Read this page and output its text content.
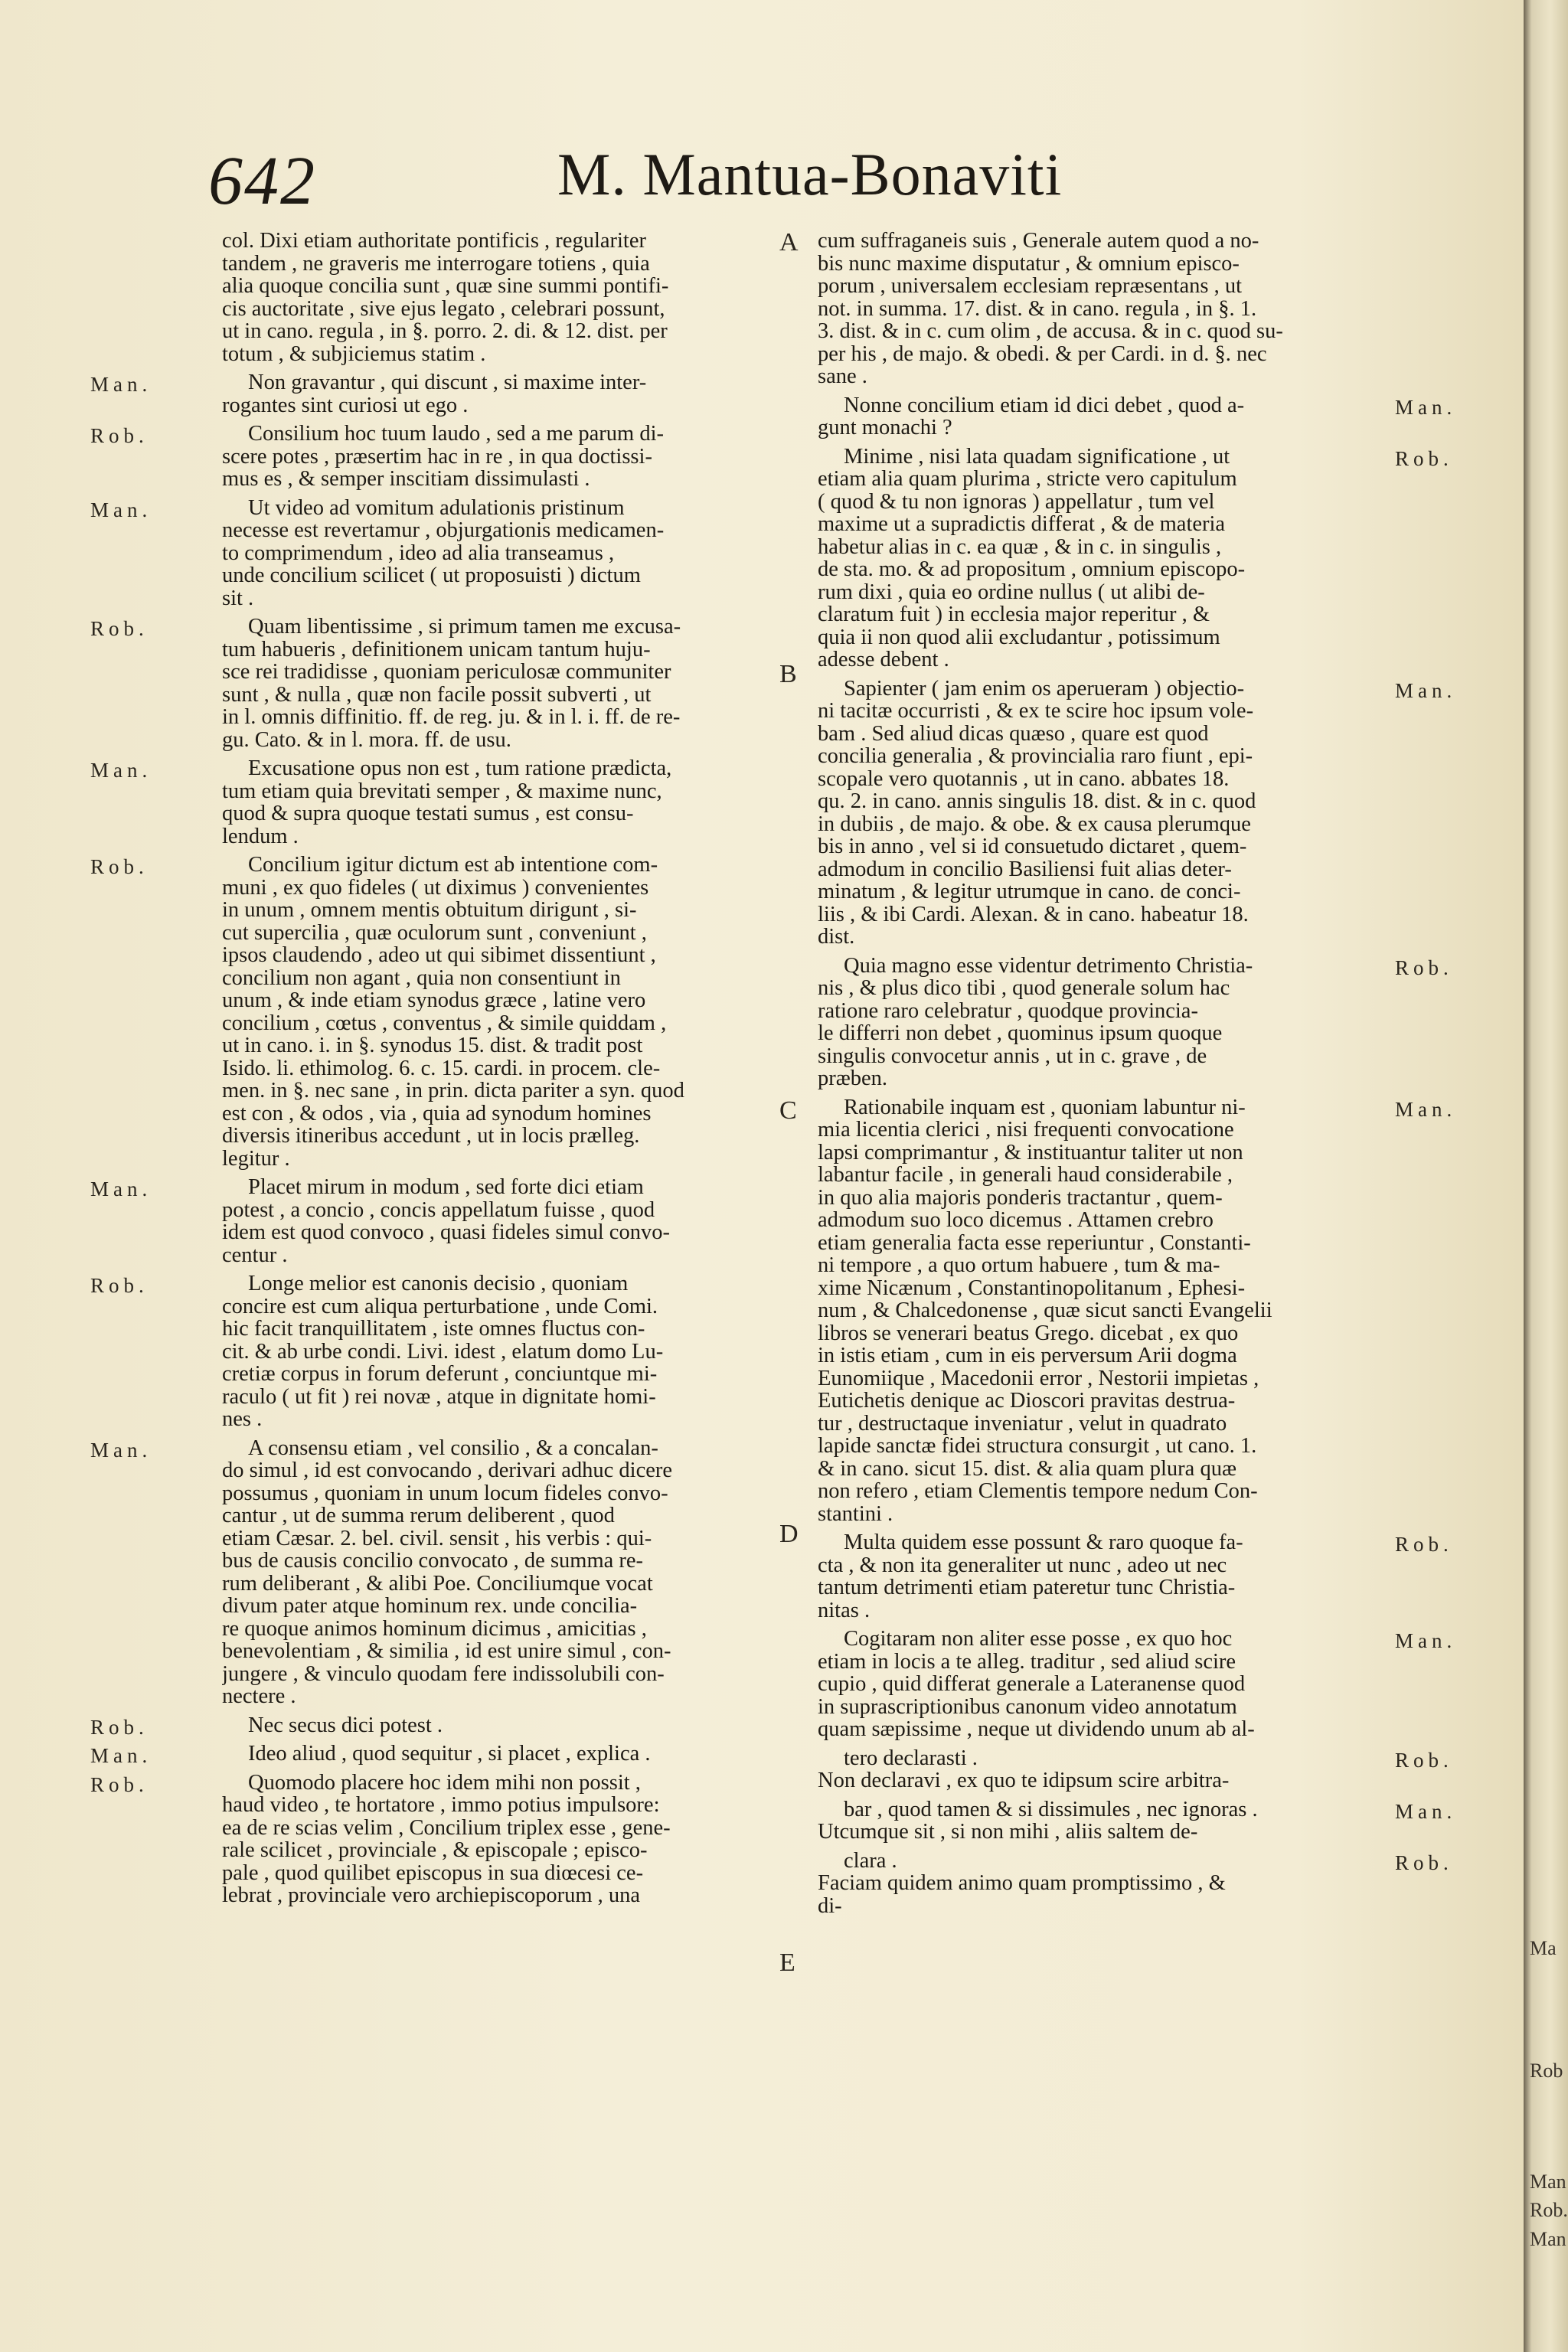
642	M. Mantua-Bonaviti
col. Dixi etiam authoritate pontificis , regulariter
tandem , ne graveris me interrogare totiens , quia
alia quoque concilia sunt , quæ sine summi pontifi-
cis auctoritate , sive ejus legato , celebrari possunt,
ut in cano. regula , in §. porro. 2. di. & 12. dist. per
totum , & subjiciemus statim .
Non gravantur , qui discunt , si maxime inter-
rogantes sint curiosi ut ego .
Consilium hoc tuum laudo , sed a me parum di-
scere potes , præsertim hac in re , in qua doctissi-
mus es , & semper inscitiam dissimulasti .
Ut video ad vomitum adulationis pristinum
necesse est revertamur , objurgationis medicamen-
to comprimendum , ideo ad alia transeamus ,
unde concilium scilicet ( ut proposuisti ) dictum
sit .
Quam libentissime , si primum tamen me excusa-
tum habueris , definitionem unicam tantum huju-
sce rei tradidisse , quoniam periculosæ communiter
sunt , & nulla , quæ non facile possit subverti , ut
in l. omnis diffinitio. ff. de reg. ju. & in l. i. ff. de re-
gu. Cato. & in l. mora. ff. de usu.
Excusatione opus non est , tum ratione prædicta,
tum etiam quia brevitati semper , & maxime nunc,
quod & supra quoque testati sumus , est consu-
lendum .
Concilium igitur dictum est ab intentione com-
muni , ex quo fideles ( ut diximus ) convenientes
in unum , omnem mentis obtuitum dirigunt , si-
cut supercilia , quæ oculorum sunt , conveniunt ,
ipsos claudendo , adeo ut qui sibimet dissentiunt ,
concilium non agant , quia non consentiunt in
unum , & inde etiam synodus græce , latine vero
concilium , cœtus , conventus , & simile quiddam ,
ut in cano. i. in §. synodus 15. dist. & tradit post
Isido. li. ethimolog. 6. c. 15. cardi. in procem. cle-
men. in §. nec sane , in prin. dicta pariter a syn. quod
est con , & odos , via , quia ad synodum homines
diversis itineribus accedunt , ut in locis prælleg.
legitur .
Placet mirum in modum , sed forte dici etiam
potest , a concio , concis appellatum fuisse , quod
idem est quod convoco , quasi fideles simul convo-
centur .
Longe melior est canonis decisio , quoniam
concire est cum aliqua perturbatione , unde Comi.
hic facit tranquillitatem , iste omnes fluctus con-
cit. & ab urbe condi. Livi. idest , elatum domo Lu-
cretiæ corpus in forum deferunt , conciuntque mi-
raculo ( ut fit ) rei novæ , atque in dignitate homi-
nes .
A consensu etiam , vel consilio , & a concalan-
do simul , id est convocando , derivari adhuc dicere
possumus , quoniam in unum locum fideles convo-
cantur , ut de summa rerum deliberent , quod
etiam Cæsar. 2. bel. civil. sensit , his verbis : qui-
bus de causis concilio convocato , de summa re-
rum deliberant , & alibi Poe. Conciliumque vocat
divum pater atque hominum rex. unde concilia-
re quoque animos hominum dicimus , amicitias ,
benevolentiam , & similia , id est unire simul , con-
jungere , & vinculo quodam fere indissolubili con-
nectere .
Nec secus dici potest .
Ideo aliud , quod sequitur , si placet , explica .
Quomodo placere hoc idem mihi non possit ,
haud video , te hortatore , immo potius impulsore:
ea de re scias velim , Concilium triplex esse , gene-
rale scilicet , provinciale , & episcopale ; episco-
pale , quod quilibet episcopus in sua diœcesi ce-
lebrat , provinciale vero archiepiscoporum , una
cum suffraganeis suis , Generale autem quod a no-
bis nunc maxime disputatur , & omnium episco-
porum , universalem ecclesiam repræsentans , ut
not. in summa. 17. dist. & in cano. regula , in §. 1.
3. dist. & in c. cum olim , de accusa. & in c. quod su-
per his , de majo. & obedi. & per Cardi. in d. §. nec
sane .
Nonne concilium etiam id dici debet , quod a-
gunt monachi ?
Minime , nisi lata quadam significatione , ut
etiam alia quam plurima , stricte vero capitulum
( quod & tu non ignoras ) appellatur , tum vel
maxime ut a supradictis differat , & de materia
habetur alias in c. ea quæ , & in c. in singulis ,
de sta. mo. & ad propositum , omnium episcopo-
rum dixi , quia eo ordine nullus ( ut alibi de-
claratum fuit ) in ecclesia major reperitur , &
quia ii non quod alii excludantur , potissimum
adesse debent .
Sapienter ( jam enim os aperueram ) objectio-
ni tacitæ occurristi , & ex te scire hoc ipsum vole-
bam . Sed aliud dicas quæso , quare est quod
concilia generalia , & provincialia raro fiunt , epi-
scopale vero quotannis , ut in cano. abbates 18.
qu. 2. in cano. annis singulis 18. dist. & in c. quod
in dubiis , de majo. & obe. & ex causa plerumque
bis in anno , vel si id consuetudo dictaret , quem-
admodum in concilio Basiliensi fuit alias deter-
minatum , & legitur utrumque in cano. de conci-
liis , & ibi Cardi. Alexan. & in cano. habeatur 18.
dist.
Quia magno esse videntur detrimento Christia-
nis , & plus dico tibi , quod generale solum hac
ratione raro celebratur , quodque provincia-
le differri non debet , quominus ipsum quoque
singulis convocetur annis , ut in c. grave , de
præben.
Rationabile inquam est , quoniam labuntur ni-
mia licentia clerici , nisi frequenti convocatione
lapsi comprimantur , & instituantur taliter ut non
labantur facile , in generali haud considerabile ,
in quo alia majoris ponderis tractantur , quem-
admodum suo loco dicemus . Attamen crebro
etiam generalia facta esse reperiuntur , Constanti-
ni tempore , a quo ortum habuere , tum & ma-
xime Nicænum , Constantinopolitanum , Ephesi-
num , & Chalcedonense , quæ sicut sancti Evangelii
libros se venerari beatus Grego. dicebat , ex quo
in istis etiam , cum in eis perversum Arii dogma
Eunomiique , Macedonii error , Nestorii impietas ,
Eutichetis denique ac Dioscori pravitas destrua-
tur , destructaque inveniatur , velut in quadrato
lapide sanctæ fidei structura consurgit , ut cano. 1.
& in cano. sicut 15. dist. & alia quam plura quæ
non refero , etiam Clementis tempore nedum Con-
stantini .
Multa quidem esse possunt & raro quoque fa-
cta , & non ita generaliter ut nunc , adeo ut nec
tantum detrimenti etiam pateretur tunc Christia-
nitas .
Cogitaram non aliter esse posse , ex quo hoc
etiam in locis a te alleg. traditur , sed aliud scire
cupio , quid differat generale a Lateranense quod
in suprascriptionibus canonum video annotatum
quam sæpissime , neque ut dividendo unum ab al-
tero declarasti .
Non declaravi , ex quo te idipsum scire arbitra-
bar , quod tamen & si dissimules , nec ignoras .
Utcumque sit , si non mihi , aliis saltem de-
clara .
Faciam quidem animo quam promptissimo , &
di-
Man.
Rob.
Man.
Rob.
Man.
Rob.
Man.
Rob.
Man.
Rob.
Man.
Rob.
Man.
Rob.
Man.
Rob.
Man.
Rob.
Man.
Rob.
Man.
Rob.
A
B
C
D
E
Ma
Rob
Man
Rob.
Man
